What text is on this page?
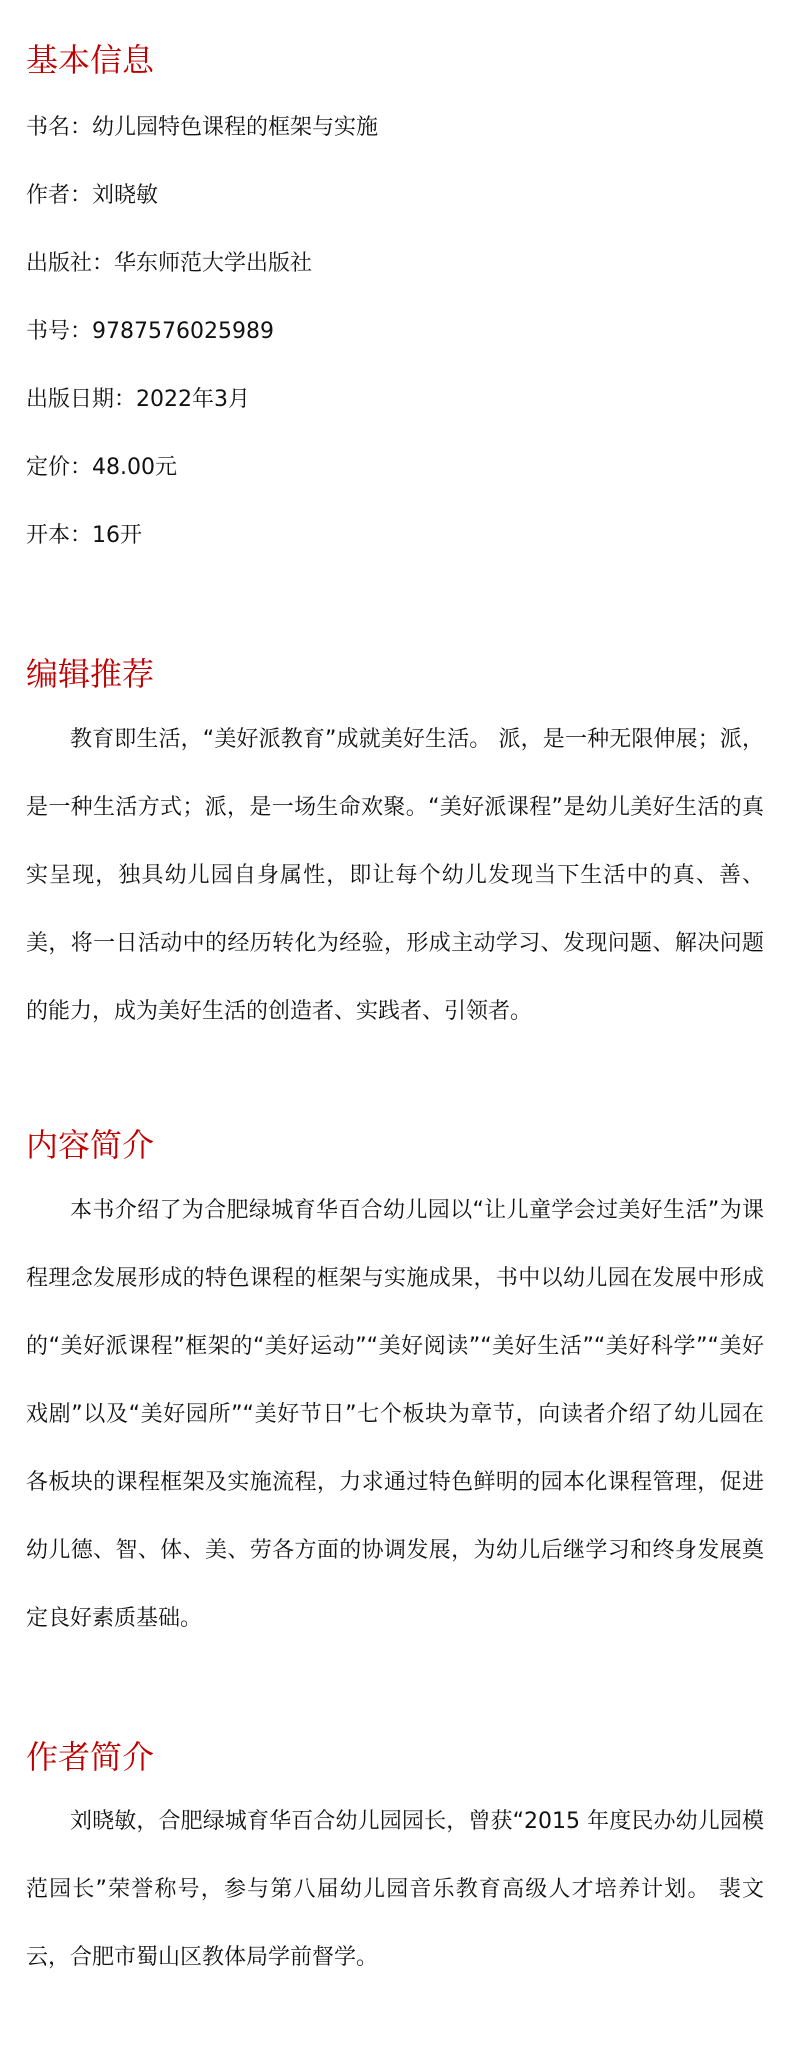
基本信息

书名：幼儿园特色课程的框架与实施

作者：刘晓敏

出版社：华东师范大学出版社

书号：9787576025989

出版日期：2022年3月

定价：48.00元

开本：16开

编辑推荐

教育即生活，“美好派教育”成就美好生活。 派，是一种无限伸展；派，是一种生活方式；派，是一场生命欢聚。“美好派课程”是幼儿美好生活的真实呈现，独具幼儿园自身属性，即让每个幼儿发现当下生活中的真、善、美，将一日活动中的经历转化为经验，形成主动学习、发现问题、解决问题的能力，成为美好生活的创造者、实践者、引领者。

内容简介

本书介绍了为合肥绿城育华百合幼儿园以“让儿童学会过美好生活”为课程理念发展形成的特色课程的框架与实施成果，书中以幼儿园在发展中形成的“美好派课程”框架的“美好运动”“美好阅读”“美好生活”“美好科学”“美好戏剧”以及“美好园所”“美好节日”七个板块为章节，向读者介绍了幼儿园在各板块的课程框架及实施流程，力求通过特色鲜明的园本化课程管理，促进幼儿德、智、体、美、劳各方面的协调发展，为幼儿后继学习和终身发展奠定良好素质基础。

作者简介

刘晓敏，合肥绿城育华百合幼儿园园长，曾获“2015 年度民办幼儿园模范园长”荣誉称号，参与第八届幼儿园音乐教育高级人才培养计划。 裴文云，合肥市蜀山区教体局学前督学。
